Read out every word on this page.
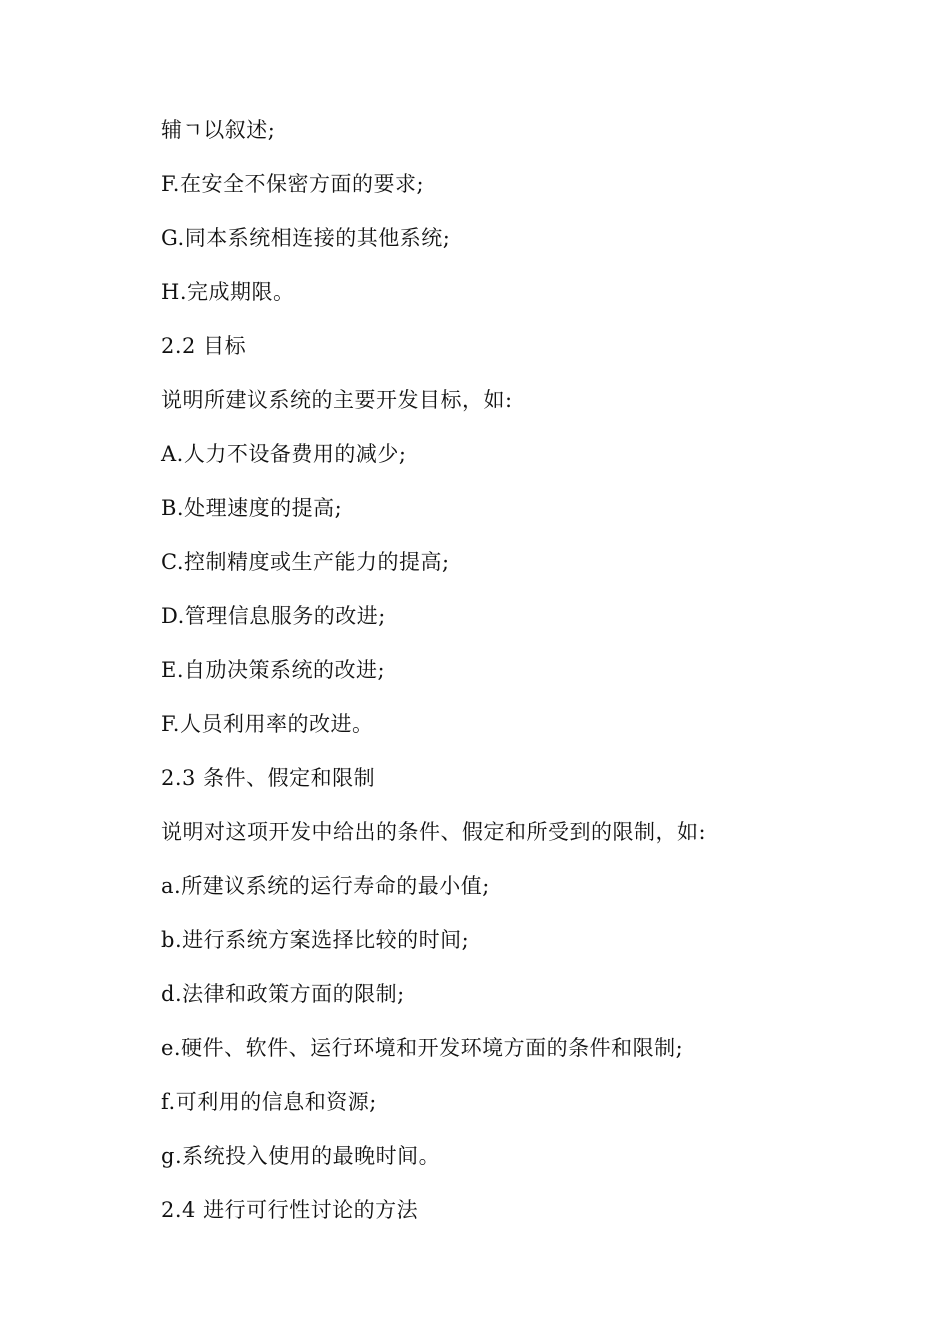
辅ㄱ以叙述;
F.在安全不保密方面的要求;
G.同本系统相连接的其他系统;
H.完成期限。
2.2 目标
说明所建议系统的主要开发目标，如:
A.人力不设备费用的减少;
B.处理速度的提高;
C.控制精度或生产能力的提高;
D.管理信息服务的改进;
E.自劢决策系统的改进;
F.人员利用率的改进。
2.3 条件、假定和限制
说明对这项开发中给出的条件、假定和所受到的限制，如:
a.所建议系统的运行寿命的最小值;
b.进行系统方案选择比较的时间;
d.法律和政策方面的限制;
e.硬件、软件、运行环境和开发环境方面的条件和限制;
f.可利用的信息和资源;
g.系统投入使用的最晚时间。
2.4 进行可行性讨论的方法
